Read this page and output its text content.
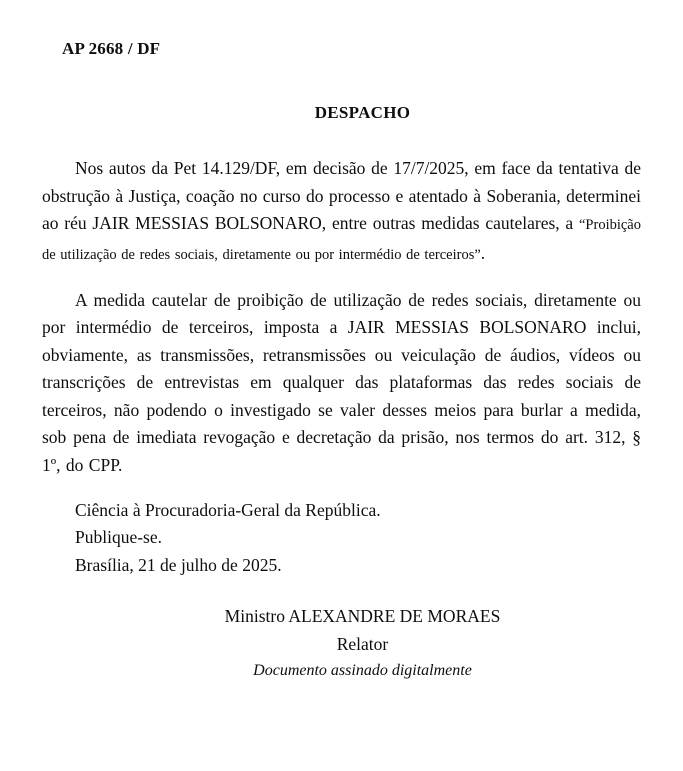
AP 2668 / DF
DESPACHO

Nos autos da Pet 14.129/DF, em decisão de 17/7/2025, em face da tentativa de obstrução à Justiça, coação no curso do processo e atentado à Soberania, determinei ao réu JAIR MESSIAS BOLSONARO, entre outras medidas cautelares, a “Proibição de utilização de redes sociais, diretamente ou por intermédio de terceiros”.

A medida cautelar de proibição de utilização de redes sociais, diretamente ou por intermédio de terceiros, imposta a JAIR MESSIAS BOLSONARO inclui, obviamente, as transmissões, retransmissões ou veiculação de áudios, vídeos ou transcrições de entrevistas em qualquer das plataformas das redes sociais de terceiros, não podendo o investigado se valer desses meios para burlar a medida, sob pena de imediata revogação e decretação da prisão, nos termos do art. 312, § 1º, do CPP.

Ciência à Procuradoria-Geral da República.
Publique-se.
Brasília, 21 de julho de 2025.
Ministro ALEXANDRE DE MORAES
Relator
Documento assinado digitalmente
